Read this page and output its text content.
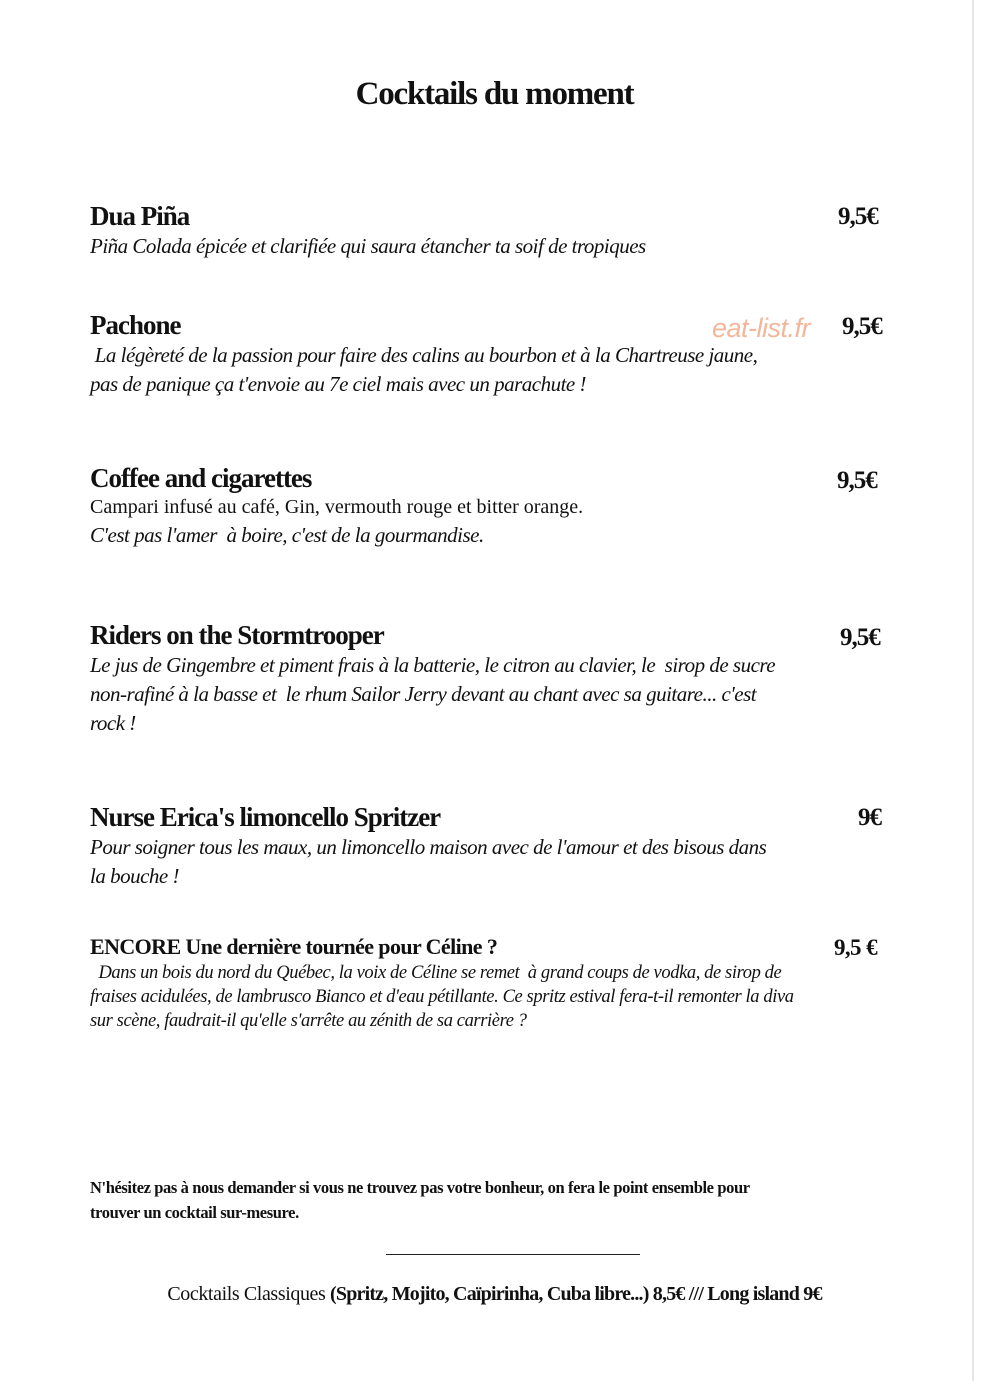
Cocktails du moment

Dua Piña	9,5€

Piña Colada épicée et clarifiée qui saura étancher ta soif de tropiques

Pachone	9,5€

La légèreté de la passion pour faire des calins au bourbon et à la Chartreuse jaune,

pas de panique ça t'envoie au 7e ciel mais avec un parachute !

Coffee and cigarettes	9,5€

Campari infusé au café, Gin, vermouth rouge et bitter orange.

C'est pas l'amer  à boire, c'est de la gourmandise.

Riders on the Stormtrooper	9,5€

Le jus de Gingembre et piment frais à la batterie, le citron au clavier, le  sirop de sucre

non-rafiné à la basse et  le rhum Sailor Jerry devant au chant avec sa guitare... c'est

rock !

Nurse Erica's limoncello Spritzer	9€

Pour soigner tous les maux, un limoncello maison avec de l'amour et des bisous dans

la bouche !

ENCORE Une dernière tournée pour Céline ?	9,5 €

Dans un bois du nord du Québec, la voix de Céline se remet  à grand coups de vodka, de sirop de

fraises acidulées, de lambrusco Bianco et d'eau pétillante. Ce spritz estival fera-t-il remonter la diva

sur scène, faudrait-il qu'elle s'arrête au zénith de sa carrière ?

eat-list.fr
N'hésitez pas à nous demander si vous ne trouvez pas votre bonheur, on fera le point ensemble pour
trouver un cocktail sur-mesure.
Cocktails Classiques (Spritz, Mojito, Caïpirinha, Cuba libre...) 8,5€ /// Long island 9€
